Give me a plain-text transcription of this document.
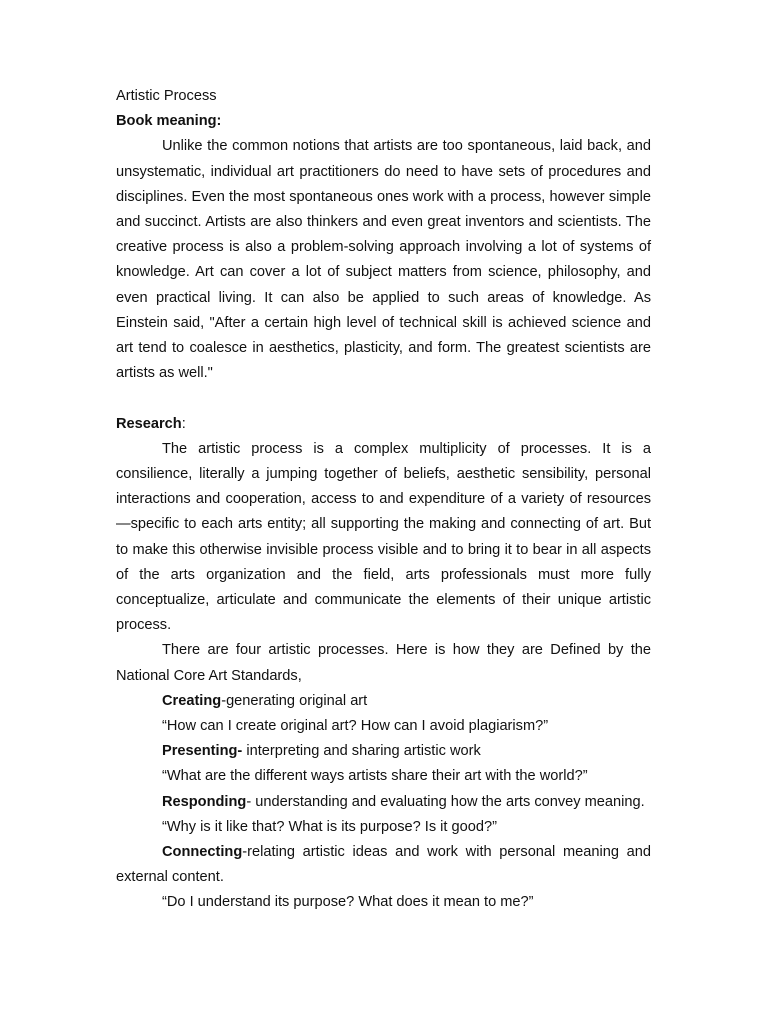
Artistic Process

Book meaning:

Unlike the common notions that artists are too spontaneous, laid back, and unsystematic, individual art practitioners do need to have sets of procedures and disciplines. Even the most spontaneous ones work with a process, however simple and succinct. Artists are also thinkers and even great inventors and scientists. The creative process is also a problem-solving approach involving a lot of systems of knowledge. Art can cover a lot of subject matters from science, philosophy, and even practical living. It can also be applied to such areas of knowledge. As Einstein said, "After a certain high level of technical skill is achieved science and art tend to coalesce in aesthetics, plasticity, and form. The greatest scientists are artists as well."

Research:

The artistic process is a complex multiplicity of processes. It is a consilience, literally a jumping together of beliefs, aesthetic sensibility, personal interactions and cooperation, access to and expenditure of a variety of resources—specific to each arts entity; all supporting the making and connecting of art. But to make this otherwise invisible process visible and to bring it to bear in all aspects of the arts organization and the field, arts professionals must more fully conceptualize, articulate and communicate the elements of their unique artistic process.

There are four artistic processes. Here is how they are Defined by the National Core Art Standards,

Creating-generating original art

“How can I create original art? How can I avoid plagiarism?”

Presenting- interpreting and sharing artistic work

“What are the different ways artists share their art with the world?”

Responding- understanding and evaluating how the arts convey meaning.

“Why is it like that? What is its purpose? Is it good?”

Connecting-relating artistic ideas and work with personal meaning and external content.

“Do I understand its purpose? What does it mean to me?”
